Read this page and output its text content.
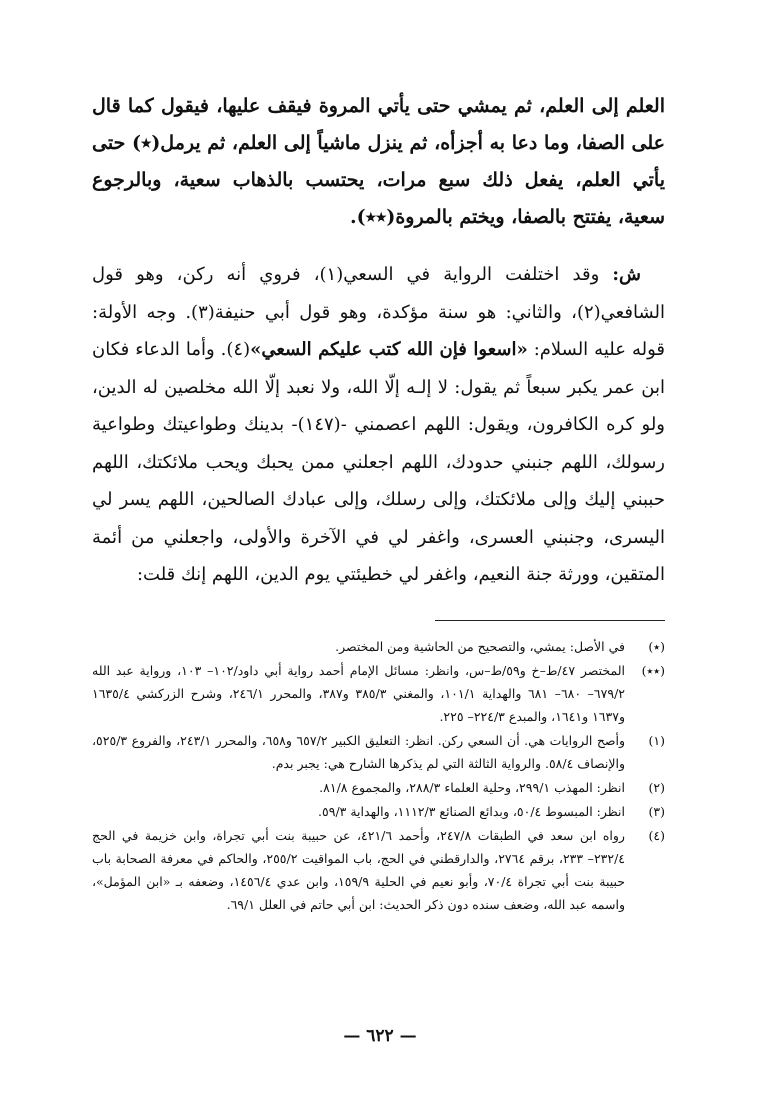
العلم إلى العلم، ثم يمشي حتى يأتي المروة فيقف عليها، فيقول كما قال على الصفا، وما دعا به أجزأه، ثم ينزل ماشياً إلى العلم، ثم يرمل(٭) حتى يأتي العلم، يفعل ذلك سبع مرات، يحتسب بالذهاب سعية، وبالرجوع سعية، يفتتح بالصفا، ويختم بالمروة(٭٭).

ش: وقد اختلفت الرواية في السعي(١)، فروي أنه ركن، وهو قول الشافعي(٢)، والثاني: هو سنة مؤكدة، وهو قول أبي حنيفة(٣). وجه الأولة: قوله عليه السلام: «اسعوا فإن الله كتب عليكم السعي»(٤). وأما الدعاء فكان ابن عمر يكبر سبعاً ثم يقول: لا إلـه إلّا الله، ولا نعبد إلّا الله مخلصين له الدين، ولو كره الكافرون، ويقول: اللهم اعصمني -(١٤٧)- بدينك وطواعيتك وطواعية رسولك، اللهم جنبني حدودك، اللهم اجعلني ممن يحبك ويحب ملائكتك، اللهم حببني إليك وإلى ملائكتك، وإلى رسلك، وإلى عبادك الصالحين، اللهم يسر لي اليسرى، وجنبني العسرى، واغفر لي في الآخرة والأولى، واجعلني من أئمة المتقين، وورثة جنة النعيم، واغفر لي خطيئتي يوم الدين، اللهم إنك قلت:

(٭)
في الأصل: يمشي، والتصحيح من الحاشية ومن المختصر.
(٭٭)
المختصر ٤٧/ط–خ و٥٩/ط–س، وانظر: مسائل الإمام أحمد رواية أبي داود/١٠٢– ١٠٣، ورواية عبد الله ٦٧٩/٢– ٦٨٠– ٦٨١ والهداية ١٠١/١، والمغني ٣٨٥/٣ و٣٨٧، والمحرر ٢٤٦/١، وشرح الزركشي ١٦٣٥/٤ و١٦٣٧ و١٦٤١، والمبدع ٢٢٤/٣– ٢٢٥.
(١)
وأصح الروايات هي. أن السعي ركن. انظر: التعليق الكبير ٦٥٧/٢ و٦٥٨، والمحرر ٢٤٣/١، والفروع ٥٢٥/٣، والإنصاف ٥٨/٤. والرواية الثالثة التي لم يذكرها الشارح هي: يجبر بدم.
(٢)
انظر: المهذب ٢٩٩/١، وحلية العلماء ٢٨٨/٣، والمجموع ٨١/٨.
(٣)
انظر: المبسوط ٥٠/٤، وبدائع الصنائع ١١١٢/٣، والهداية ٥٩/٣.
(٤)
رواه ابن سعد في الطبقات ٢٤٧/٨، وأحمد ٤٢١/٦، عن حبيبة بنت أبي تجراة، وابن خزيمة في الحج ٢٣٢/٤– ٢٣٣، برقم ٢٧٦٤، والدارقطني في الحج، باب المواقيت ٢٥٥/٢، والحاكم في معرفة الصحابة باب حبيبة بنت أبي تجراة ٧٠/٤، وأبو نعيم في الحلية ١٥٩/٩، وابن عدي ١٤٥٦/٤، وضعفه بـ «ابن المؤمل»، واسمه عبد الله، وضعف سنده دون ذكر الحديث: ابن أبي حاتم في العلل ٦٩/١.
— ٦٢٢ —
